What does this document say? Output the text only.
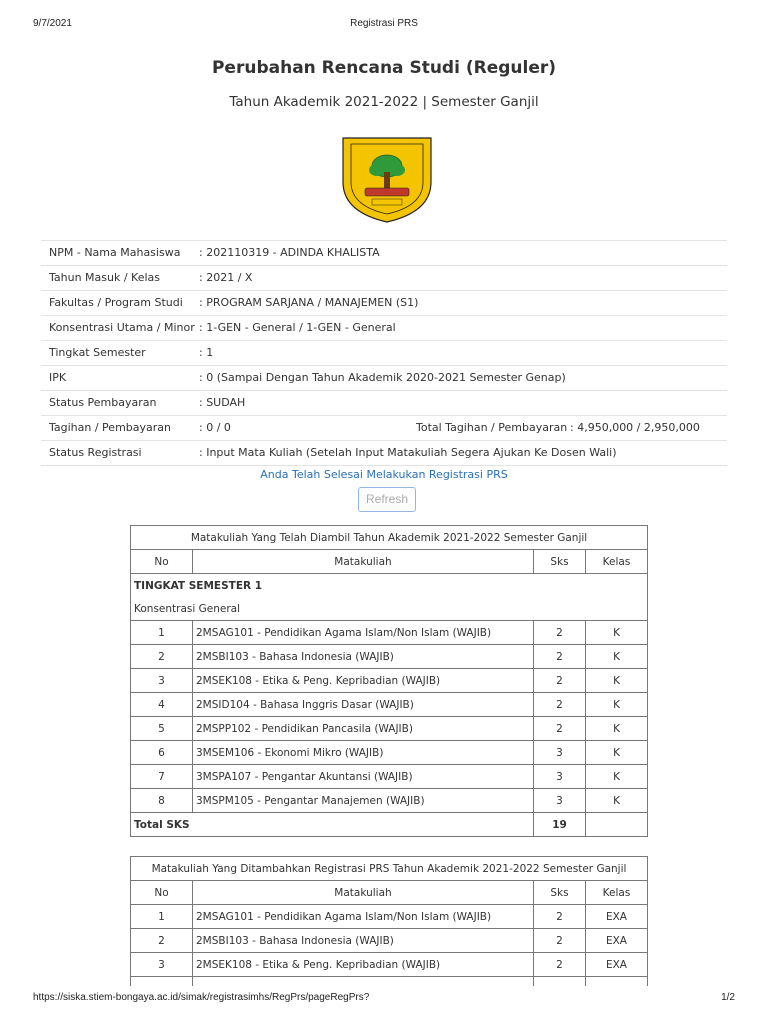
9/7/2021	Registrasi PRS
Perubahan Rencana Studi (Reguler)
Tahun Akademik 2021-2022 | Semester Ganjil
NPM - Nama Mahasiswa : 202110319 - ADINDA KHALISTA
Tahun Masuk / Kelas	: 2021 / X
Fakultas / Program Studi : PROGRAM SARJANA / MANAJEMEN (S1)
Konsentrasi Utama / Minor : 1-GEN - General / 1-GEN - General
Tingkat Semester	: 1
IPK	: 0 (Sampai Dengan Tahun Akademik 2020-2021 Semester Genap)
Status Pembayaran	: SUDAH
Tagihan / Pembayaran	: 0 / 0	Total Tagihan / Pembayaran : 4,950,000 / 2,950,000
Status Registrasi	: Input Mata Kuliah (Setelah Input Matakuliah Segera Ajukan Ke Dosen Wali)
Anda Telah Selesai Melakukan Registrasi PRS
Refresh
Matakuliah Yang Telah Diambil Tahun Akademik 2021-2022 Semester Ganjil			
No	Matakuliah	Sks	Kelas
TINGKAT SEMESTER 1			
Konsentrasi General			
1	2MSAG101 - Pendidikan Agama Islam/Non Islam (WAJIB)	2	K
2	2MSBI103 - Bahasa Indonesia (WAJIB)	2	K
3	2MSEK108 - Etika & Peng. Kepribadian (WAJIB)	2	K
4	2MSID104 - Bahasa Inggris Dasar (WAJIB)	2	K
5	2MSPP102 - Pendidikan Pancasila (WAJIB)	2	K
6	3MSEM106 - Ekonomi Mikro (WAJIB)	3	K
7	3MSPA107 - Pengantar Akuntansi (WAJIB)	3	K
8	3MSPM105 - Pengantar Manajemen (WAJIB)	3	K
Total SKS		19	
Matakuliah Yang Ditambahkan Registrasi PRS Tahun Akademik 2021-2022 Semester Ganjil			
No	Matakuliah	Sks	Kelas
1	2MSAG101 - Pendidikan Agama Islam/Non Islam (WAJIB)	2	EXA
2	2MSBI103 - Bahasa Indonesia (WAJIB)	2	EXA
3	2MSEK108 - Etika & Peng. Kepribadian (WAJIB)	2	EXA

https://siska.stiem-bongaya.ac.id/simak/registrasimhs/RegPrs/pageRegPrs?	1/2
